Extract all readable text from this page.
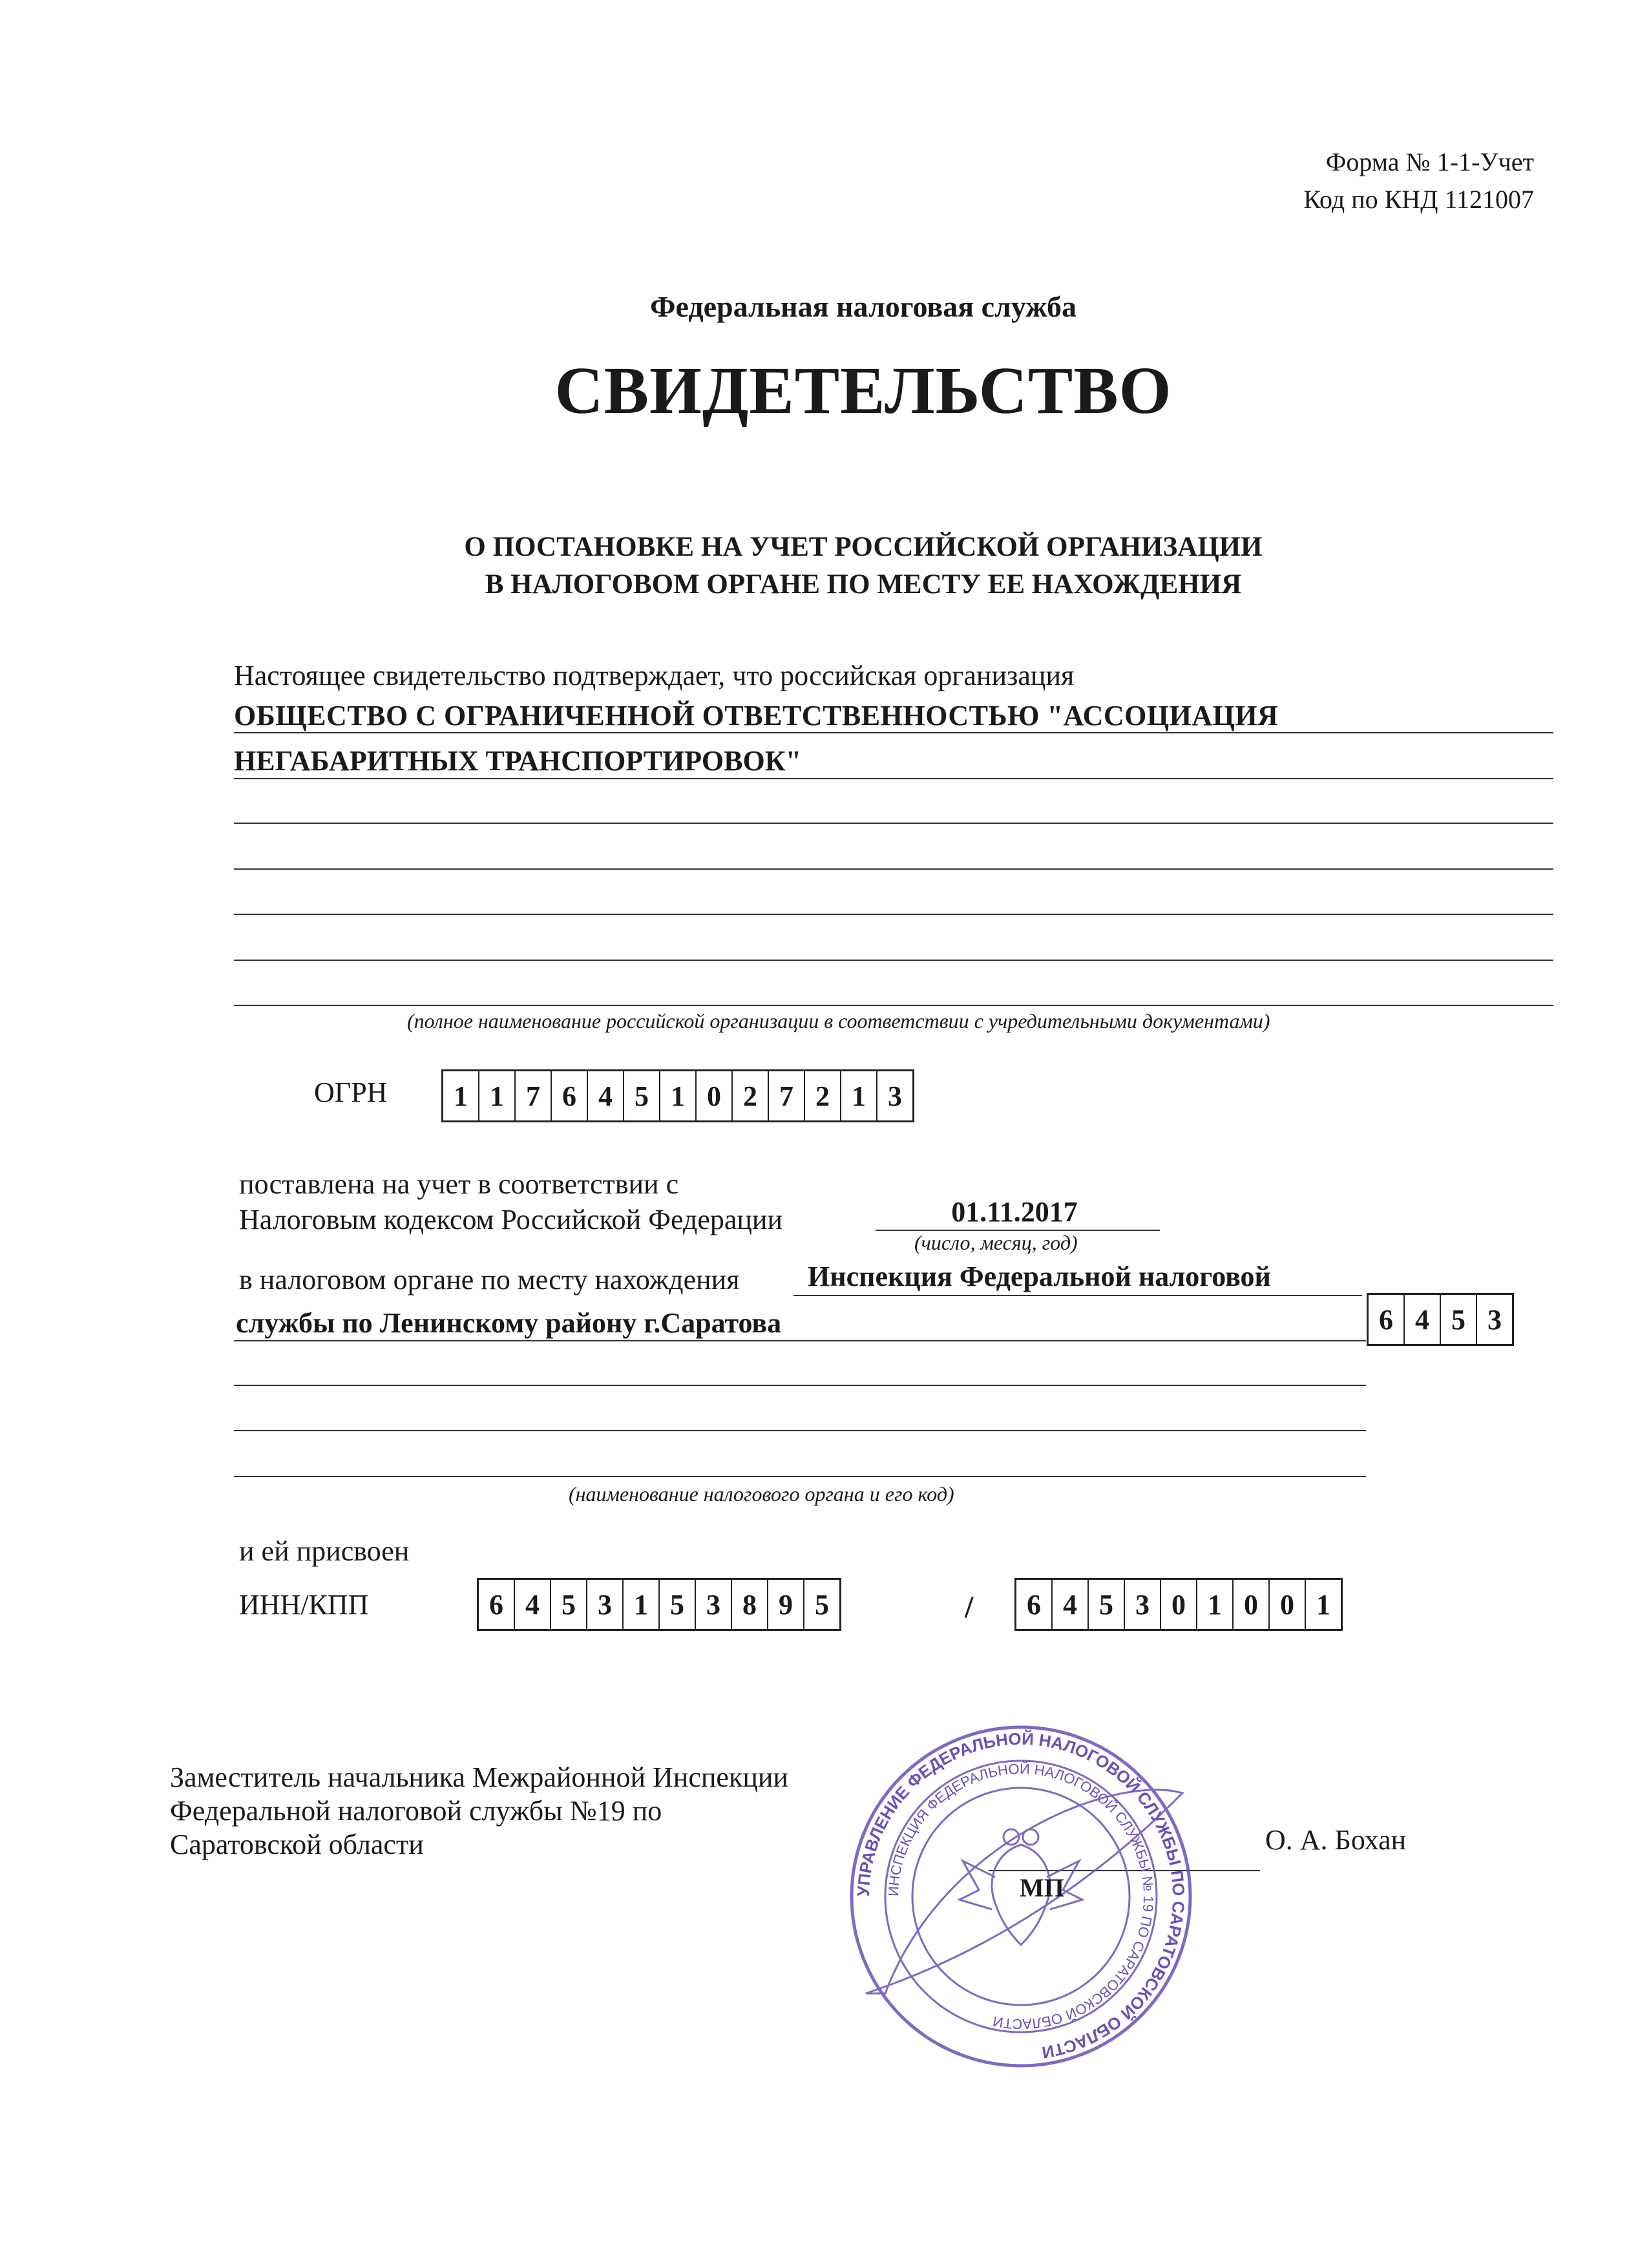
Форма № 1-1-Учет
Код по КНД 1121007
Федеральная налоговая служба
СВИДЕТЕЛЬСТВО
О ПОСТАНОВКЕ НА УЧЕТ РОССИЙСКОЙ ОРГАНИЗАЦИИ
В НАЛОГОВОМ ОРГАНЕ ПО МЕСТУ ЕЕ НАХОЖДЕНИЯ
Настоящее свидетельство подтверждает, что российская организация
ОБЩЕСТВО С ОГРАНИЧЕННОЙ ОТВЕТСТВЕННОСТЬЮ "АССОЦИАЦИЯ
НЕГАБАРИТНЫХ ТРАНСПОРТИРОВОК"
(полное наименование российской организации в соответствии с учредительными документами)
ОГРН	1 1 7 6 4 5 1 0 2 7 2 1 3
поставлена на учет в соответствии с
Налоговым кодексом Российской Федерации	01.11.2017
(число, месяц, год)
в налоговом органе по месту нахождения Инспекция Федеральной налоговой
службы по Ленинскому району г.Саратова	6 4 5 3
(наименование налогового органа и его код)
и ей присвоен
ИНН/КПП	6 4 5 3 1 5 3 8 9 5	/	6 4 5 3 0 1 0 0 1
Заместитель начальника Межрайонной Инспекции
Федеральной налоговой службы №19 по
Саратовской области	О. А. Бохан
УПРАВЛЕНИЕ ФЕДЕРАЛЬНОЙ НАЛОГОВОЙ СЛУЖБЫ ПО САРАТОВСКОЙ ОБЛАСТИ
ИНСПЕКЦИЯ ФЕДЕРАЛЬНОЙ НАЛОГОВОЙ СЛУЖБЫ № 19 ПО САРАТОВСКОЙ ОБЛАСТИ
МП
